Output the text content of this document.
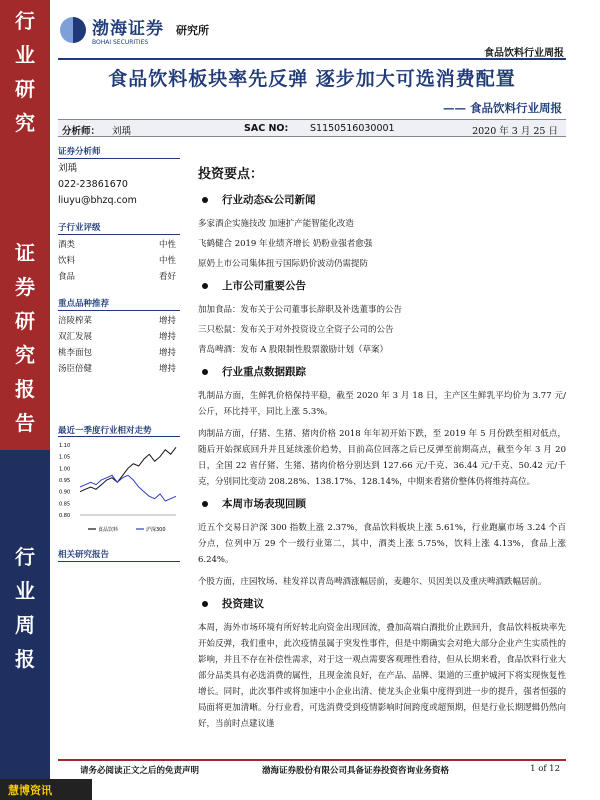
行
业
研
究
证
券
研
究
报
告
行
业
周
报
渤海证券
BOHAI SECURITIES
研究所
食品饮料行业周报
食品饮料板块率先反弹 逐步加大可选消费配置
—— 食品饮料行业周报
分析师： 刘瑀	SAC NO: S1150516030001	2020 年 3 月 25 日
证券分析师
刘瑀
022-23861670
liuyu@bhzq.com
子行业评级
酒类	中性
饮料	中性
食品	看好
重点品种推荐
涪陵榨菜	增持
双汇发展	增持
桃李面包	增持
汤臣倍健	增持
最近一季度行业相对走势
1.10
1.05
1.00
0.95
0.90
0.85
0.80
食品饮料	沪深300
相关研究报告
投资要点：
行业动态&公司新闻
多家酒企实施技改 加速扩产能智能化改造
飞鹤健合 2019 年业绩齐增长 奶粉业强者愈强
原奶上市公司集体扭亏国际奶价波动仍需提防
上市公司重要公告
加加食品：发布关于公司董事长辞职及补选董事的公告
三只松鼠：发布关于对外投资设立全资子公司的公告
青岛啤酒：发布 A 股限制性股票激励计划（草案）
行业重点数据跟踪
乳制品方面，生鲜乳价格保持平稳，截至 2020 年 3 月 18 日，主产区生鲜乳平均价为 3.77 元/公斤，环比持平，同比上涨 5.3%。
肉制品方面，仔猪、生猪、猪肉价格 2018 年年初开始下跌，至 2019 年 5 月份跌至相对低点，随后开始探底回升并且延续涨价趋势，目前高位回落之后已反弹至前期高点，截至今年 3 月 20 日，全国 22 省仔猪、生猪、猪肉价格分别达到 127.66 元/千克、36.44 元/千克、50.42 元/千克，分别同比变动 208.28%、138.17%、128.14%，中期来看猪价整体仍将维持高位。
本周市场表现回顾
近五个交易日沪深 300 指数上涨 2.37%，食品饮料板块上涨 5.61%，行业跑赢市场 3.24 个百分点，位列申万 29 个一级行业第二，其中，酒类上涨 5.75%，饮料上涨 4.13%，食品上涨 6.24%。
个股方面，庄园牧场、桂发祥以青岛啤酒涨幅居前，麦趣尔、贝因美以及重庆啤酒跌幅居前。
投资建议
本周，海外市场环境有所好转北向资金出现回流，叠加高端白酒批价止跌回升，食品饮料板块率先开始反弹，我们重申，此次疫情虽属于突发性事件，但是中期确实会对绝大部分企业产生实质性的影响，并且不存在补偿性需求，对于这一观点需要客观理性看待，但从长期来看，食品饮料行业大部分品类具有必选消费的属性，且现金流良好，在产品、品牌、渠道的三重护城河下将实现恢复性增长。同时，此次事件或将加速中小企业出清、使龙头企业集中度得到进一步的提升，强者恒强的局面将更加清晰。分行业看，可选消费受到疫情影响时间跨度或超预期，但是行业长期逻辑仍然向好，当前时点建议逢
请务必阅读正文之后的免责声明	渤海证券股份有限公司具备证券投资咨询业务资格	1 of 12
慧博资讯
